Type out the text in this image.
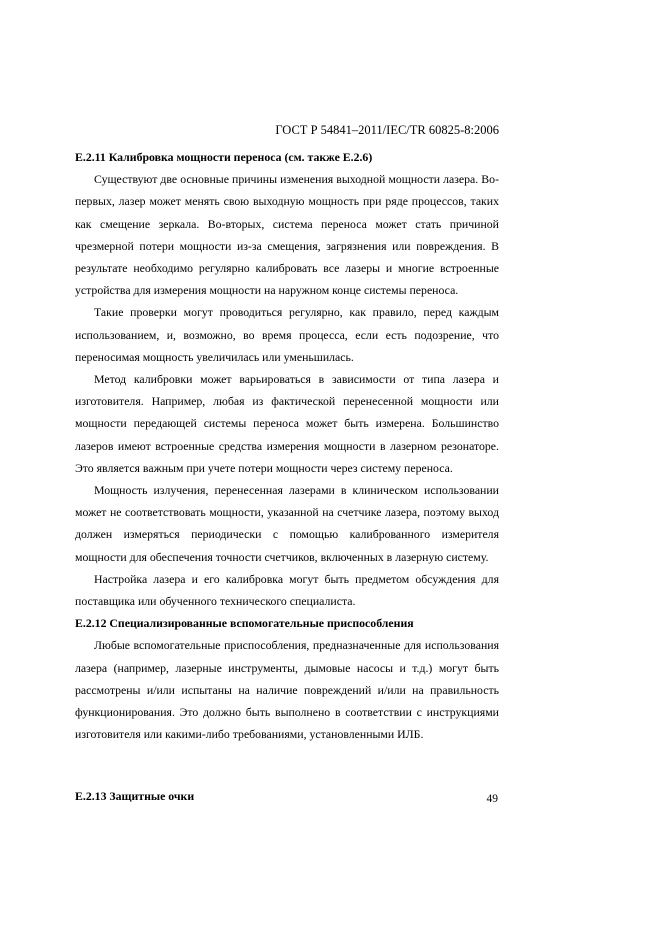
ГОСТ Р 54841–2011/IEC/TR 60825-8:2006

E.2.11 Калибровка мощности переноса (см. также Е.2.6)

Существуют две основные причины изменения выходной мощности лазера. Во-первых, лазер может менять свою выходную мощность при ряде процессов, таких как смещение зеркала. Во-вторых, система переноса может стать причиной чрезмерной потери мощности из-за смещения, загрязнения или повреждения. В результате необходимо регулярно калибровать все лазеры и многие встроенные устройства для измерения мощности на наружном конце системы переноса.

Такие проверки могут проводиться регулярно, как правило, перед каждым использованием, и, возможно, во время процесса, если есть подозрение, что переносимая мощность увеличилась или уменьшилась.

Метод калибровки может варьироваться в зависимости от типа лазера и изготовителя. Например, любая из фактической перенесенной мощности или мощности передающей системы переноса может быть измерена. Большинство лазеров имеют встроенные средства измерения мощности в лазерном резонаторе. Это является важным при учете потери мощности через систему переноса.

Мощность излучения, перенесенная лазерами в клиническом использовании может не соответствовать мощности, указанной на счетчике лазера, поэтому выход должен измеряться периодически с помощью калиброванного измерителя мощности для обеспечения точности счетчиков, включенных в лазерную систему.

Настройка лазера и его калибровка могут быть предметом обсуждения для поставщика или обученного технического специалиста.

E.2.12 Специализированные вспомогательные приспособления

Любые вспомогательные приспособления, предназначенные для использования лазера (например, лазерные инструменты, дымовые насосы и т.д.) могут быть рассмотрены и/или испытаны на наличие повреждений и/или на правильность функционирования. Это должно быть выполнено в соответствии с инструкциями изготовителя или какими-либо требованиями, установленными ИЛБ.

E.2.13 Защитные очки	49
